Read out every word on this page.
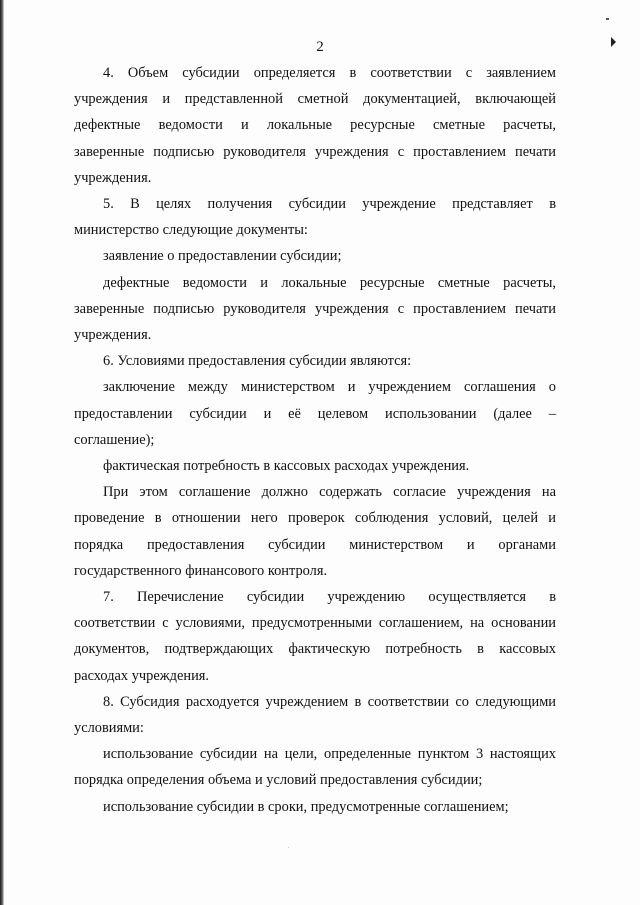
2

4. Объем субсидии определяется в соответствии с заявлением

учреждения и представленной сметной документацией, включающей

дефектные ведомости и локальные ресурсные сметные расчеты,

заверенные подписью руководителя учреждения с проставлением печати

учреждения.

5. В целях получения субсидии учреждение представляет в

министерство следующие документы:

заявление о предоставлении субсидии;

дефектные ведомости и локальные ресурсные сметные расчеты,

заверенные подписью руководителя учреждения с проставлением печати

учреждения.

6. Условиями предоставления субсидии являются:

заключение между министерством и учреждением соглашения о

предоставлении субсидии и её целевом использовании (далее –

соглашение);

фактическая потребность в кассовых расходах учреждения.

При этом соглашение должно содержать согласие учреждения на

проведение в отношении него проверок соблюдения условий, целей и

порядка предоставления субсидии министерством и органами

государственного финансового контроля.

7. Перечисление субсидии учреждению осуществляется в

соответствии с условиями, предусмотренными соглашением, на основании

документов, подтверждающих фактическую потребность в кассовых

расходах учреждения.

8. Субсидия расходуется учреждением в соответствии со следующими

условиями:

использование субсидии на цели, определенные пунктом 3 настоящих

порядка определения объема и условий предоставления субсидии;

использование субсидии в сроки, предусмотренные соглашением;
